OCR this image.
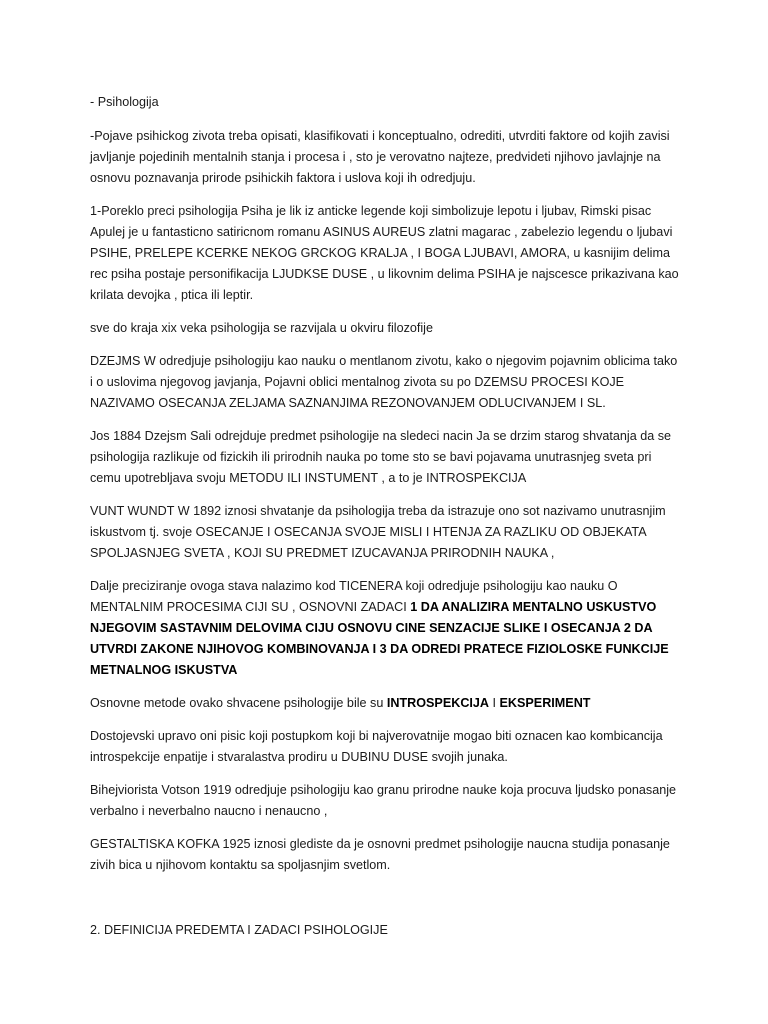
- Psihologija

-Pojave psihickog zivota treba opisati, klasifikovati i konceptualno, odrediti, utvrditi faktore od kojih zavisi javljanje pojedinih mentalnih stanja i procesa i , sto je verovatno najteze, predvideti njihovo javlajnje na osnovu poznavanja prirode psihickih faktora i uslova koji ih odredjuju.

1-Poreklo preci psihologija Psiha je lik iz anticke legende koji simbolizuje lepotu i ljubav, Rimski pisac Apulej je u fantasticno satiricnom romanu ASINUS AUREUS zlatni magarac , zabelezio legendu o ljubavi PSIHE, PRELEPE KCERKE NEKOG GRCKOG KRALJA , I BOGA LJUBAVI, AMORA, u kasnijim delima rec psiha postaje personifikacija LJUDKSE DUSE , u likovnim delima PSIHA je najscesce prikazivana kao krilata devojka , ptica ili leptir.

sve do kraja xix veka psihologija se razvijala u okviru filozofije

DZEJMS W odredjuje psihologiju kao nauku o mentlanom zivotu, kako o njegovim pojavnim oblicima tako i o uslovima njegovog javjanja, Pojavni oblici mentalnog zivota su po DZEMSU PROCESI KOJE NAZIVAMO OSECANJA ZELJAMA SAZNANJIMA REZONOVANJEM ODLUCIVANJEM I SL.

Jos 1884 Dzejsm Sali odrejduje predmet psihologije na sledeci nacin Ja se drzim starog shvatanja da se psihologija razlikuje od fizickih ili prirodnih nauka po tome sto se bavi pojavama unutrasnjeg sveta pri cemu upotrebljava svoju METODU ILI INSTUMENT , a to je INTROSPEKCIJA

VUNT WUNDT W 1892 iznosi shvatanje da psihologija treba da istrazuje ono sot nazivamo unutrasnjim iskustvom tj. svoje OSECANJE I OSECANJA SVOJE MISLI I HTENJA ZA RAZLIKU OD OBJEKATA SPOLJASNJEG SVETA , KOJI SU PREDMET IZUCAVANJA PRIRODNIH NAUKA ,

Dalje preciziranje ovoga stava nalazimo kod TICENERA koji odredjuje psihologiju kao nauku O MENTALNIM PROCESIMA CIJI SU , OSNOVNI ZADACI 1 DA ANALIZIRA MENTALNO USKUSTVO NJEGOVIM SASTAVNIM DELOVIMA CIJU OSNOVU CINE SENZACIJE SLIKE I OSECANJA 2 DA UTVRDI ZAKONE NJIHOVOG KOMBINOVANJA I 3 DA ODREDI PRATECE FIZIOLOSKE FUNKCIJE METNALNOG ISKUSTVA

Osnovne metode ovako shvacene psihologije bile su INTROSPEKCIJA I EKSPERIMENT

Dostojevski upravo oni pisic koji postupkom koji bi najverovatnije mogao biti oznacen kao kombicancija introspekcije enpatije i stvaralastva prodiru u DUBINU DUSE svojih junaka.

Bihejviorista Votson 1919 odredjuje psihologiju kao granu prirodne nauke koja procuva ljudsko ponasanje verbalno i neverbalno naucno i nenaucno ,

GESTALTISKA KOFKA 1925 iznosi glediste da je osnovni predmet psihologije naucna studija ponasanje zivih bica u njihovom kontaktu sa spoljasnjim svetlom.

2. DEFINICIJA PREDEMTA I ZADACI PSIHOLOGIJE
